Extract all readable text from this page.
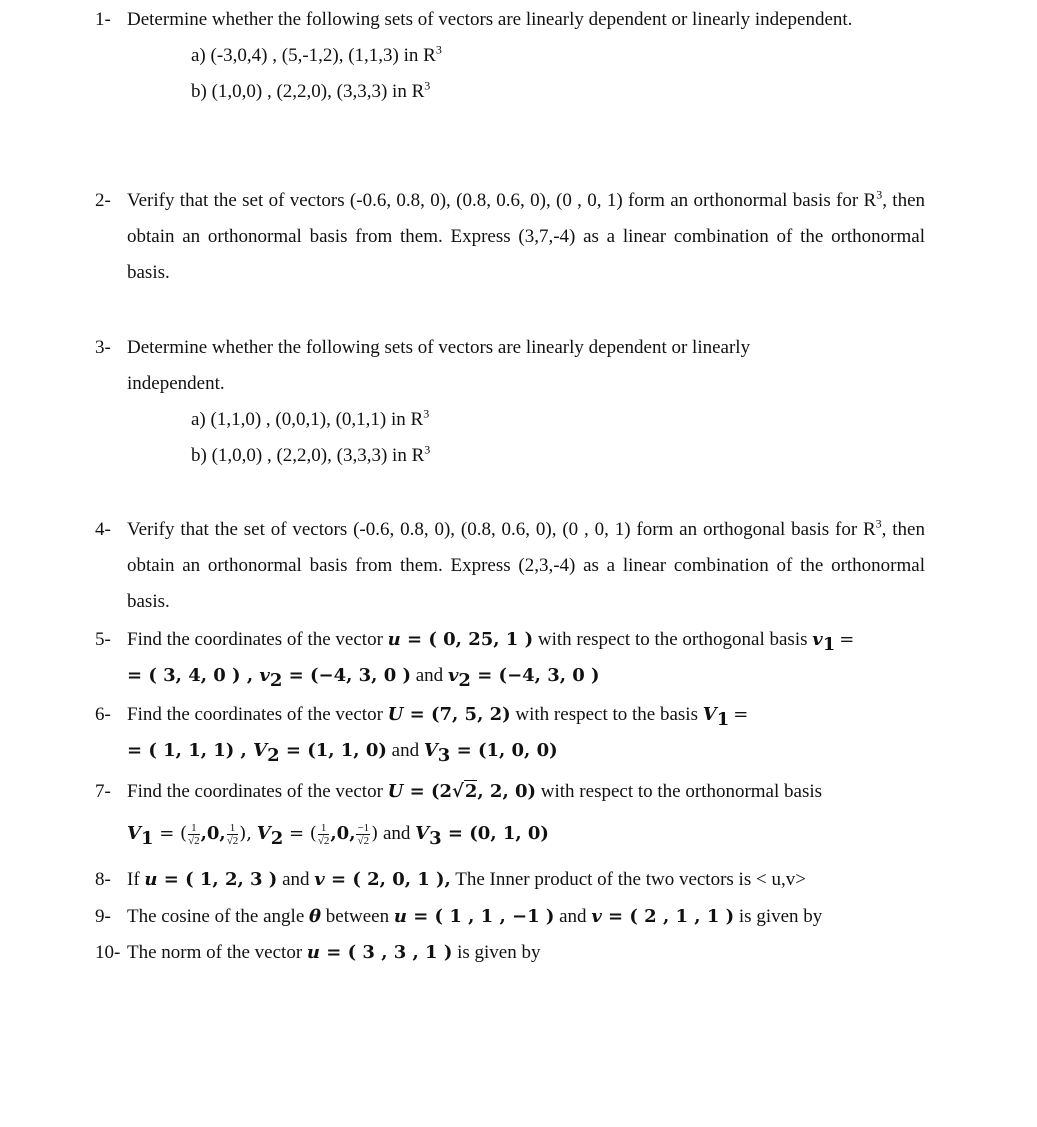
1- Determine whether the following sets of vectors are linearly dependent or linearly independent.
a) (-3,0,4) , (5,-1,2), (1,1,3) in $R^3$
b) (1,0,0) , (2,2,0), (3,3,3) in $R^3$
2- Verify that the set of vectors (-0.6, 0.8, 0), (0.8, 0.6, 0), (0 , 0, 1) form an orthonormal basis for $R^3$, then obtain an orthonormal basis from them. Express (3,7,-4) as a linear combination of the orthonormal basis.
3- Determine whether the following sets of vectors are linearly dependent or linearly independent.
a) (1,1,0) , (0,0,1), (0,1,1) in $R^3$
b) (1,0,0) , (2,2,0), (3,3,3) in $R^3$
4- Verify that the set of vectors (-0.6, 0.8, 0), (0.8, 0.6, 0), (0 , 0, 1) form an orthogonal basis for $R^3$, then obtain an orthonormal basis from them. Express (2,3,-4) as a linear combination of the orthonormal basis.
5- Find the coordinates of the vector u = ( 0, 25, 1 ) with respect to the orthogonal basis $v_1$ =
= ( 3, 4, 0 ) , $v_2 = (-4$, 3, 0 ) and $v_2 = (-4$, 3, 0 )
6- Find the coordinates of the vector U = (7, 5, 2) with respect to the basis $V_1$ =
= ( 1, 1, 1) , $V_2 = (1$, 1, 0) and $V_3 = (1$, 0, 0)
7- Find the coordinates of the vector U = (2√2, 2, 0) with respect to the orthonormal basis
$V_1$ = ( $\frac{1}{√2} ,0$, $\frac{1}{√2}$ ), $V_2$ = ( $\frac{1}{√2} ,0$, $\frac{-1}{√2}$ ) and $V_3 = (0$, 1, 0)
8- If u = ( 1, 2, 3 ) and v = ( 2, 0, 1 ), The Inner product of the two vectors is < u,v>
9- The cosine of the angle θ between u = ( 1 , 1 , −1 ) and v = ( 2 , 1 , 1 ) is given by
10- The norm of the vector u = ( 3 , 3 , 1 ) is given by
